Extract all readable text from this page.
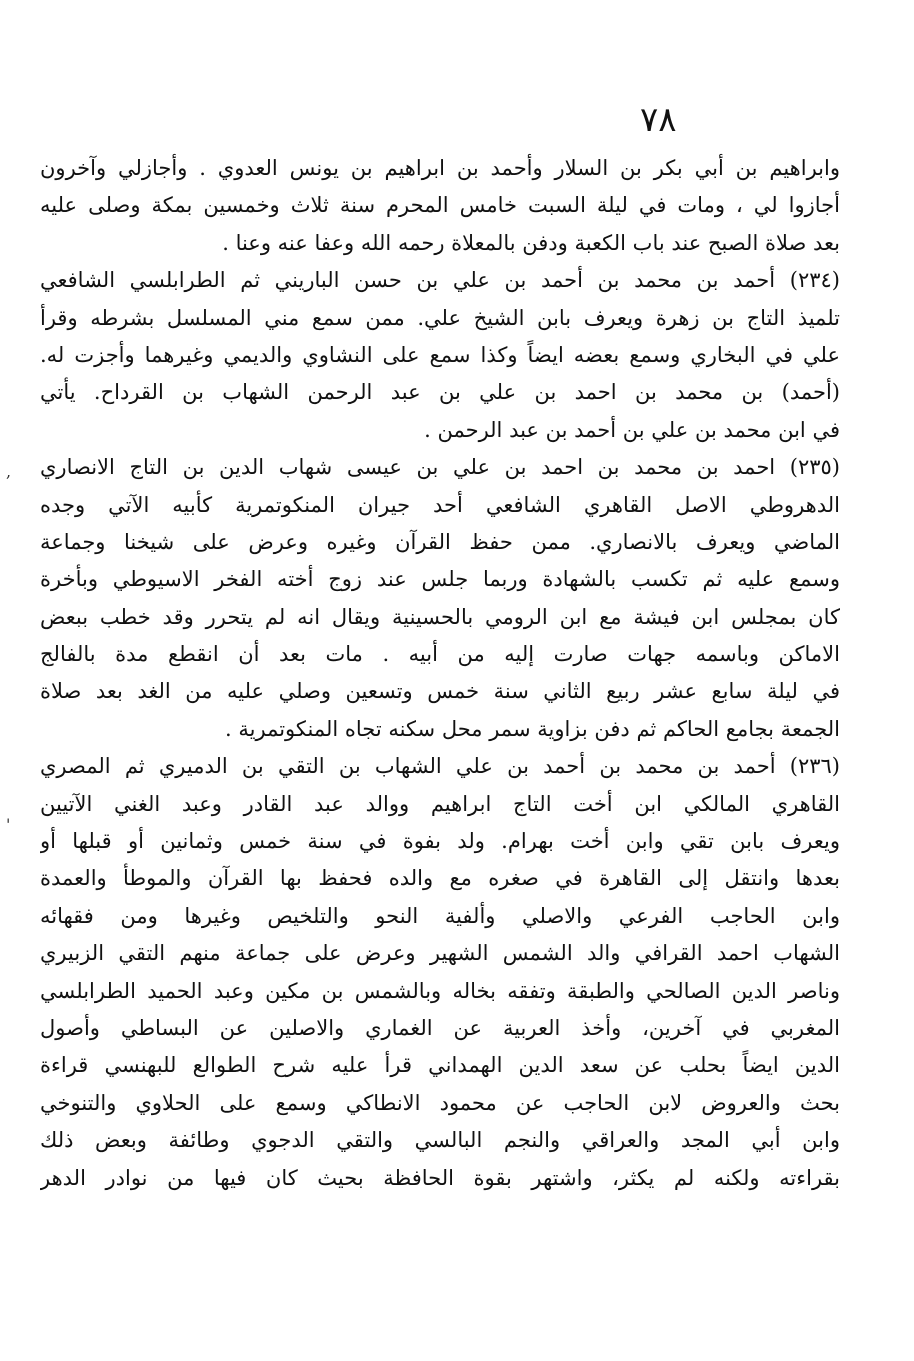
٧٨
,
'
وابراهيم بن أبي بكر بن السلار وأحمد بن ابراهيم بن يونس العدوي . وأجازلي وآخرون
أجازوا لي ، ومات في ليلة السبت خامس المحرم سنة ثلاث وخمسين بمكة وصلى عليه
بعد صلاة الصبح عند باب الكعبة ودفن بالمعلاة رحمه الله وعفا عنه وعنا .
(٢٣٤) أحمد بن محمد بن أحمد بن علي بن حسن الباريني ثم الطرابلسي الشافعي
تلميذ التاج بن زهرة ويعرف بابن الشيخ علي. ممن سمع مني المسلسل بشرطه وقرأ
علي في البخاري وسمع بعضه ايضاً وكذا سمع على النشاوي والديمي وغيرهما وأجزت له.
(أحمد) بن محمد بن احمد بن علي بن عبد الرحمن الشهاب بن القرداح. يأتي
في ابن محمد بن علي بن أحمد بن عبد الرحمن .
(٢٣٥) احمد بن محمد بن احمد بن علي بن عيسى شهاب الدين بن التاج الانصاري
الدهروطي الاصل القاهري الشافعي أحد جيران المنكوتمرية كأبيه الآتي وجده
الماضي ويعرف بالانصاري. ممن حفظ القرآن وغيره وعرض على شيخنا وجماعة
وسمع عليه ثم تكسب بالشهادة وربما جلس عند زوج أخته الفخر الاسيوطي وبأخرة
كان بمجلس ابن فيشة مع ابن الرومي بالحسينية ويقال انه لم يتحرر وقد خطب ببعض
الاماكن وباسمه جهات صارت إليه من أبيه . مات بعد أن انقطع مدة بالفالج
في ليلة سابع عشر ربيع الثاني سنة خمس وتسعين وصلي عليه من الغد بعد صلاة
الجمعة بجامع الحاكم ثم دفن بزاوية سمر محل سكنه تجاه المنكوتمرية .
(٢٣٦) أحمد بن محمد بن أحمد بن علي الشهاب بن التقي بن الدميري ثم المصري
القاهري المالكي ابن أخت التاج ابراهيم ووالد عبد القادر وعبد الغني الآتيين
ويعرف بابن تقي وابن أخت بهرام. ولد بفوة في سنة خمس وثمانين أو قبلها أو
بعدها وانتقل إلى القاهرة في صغره مع والده فحفظ بها القرآن والموطأ والعمدة
وابن الحاجب الفرعي والاصلي وألفية النحو والتلخيص وغيرها ومن فقهائه
الشهاب احمد القرافي والد الشمس الشهير وعرض على جماعة منهم التقي الزبيري
وناصر الدين الصالحي والطبقة وتفقه بخاله وبالشمس بن مكين وعبد الحميد الطرابلسي
المغربي في آخرين، وأخذ العربية عن الغماري والاصلين عن البساطي وأصول
الدين ايضاً بحلب عن سعد الدين الهمداني قرأ عليه شرح الطوالع للبهنسي قراءة
بحث والعروض لابن الحاجب عن محمود الانطاكي وسمع على الحلاوي والتنوخي
وابن أبي المجد والعراقي والنجم البالسي والتقي الدجوي وطائفة وبعض ذلك
بقراءته ولكنه لم يكثر، واشتهر بقوة الحافظة بحيث كان فيها من نوادر الدهر
